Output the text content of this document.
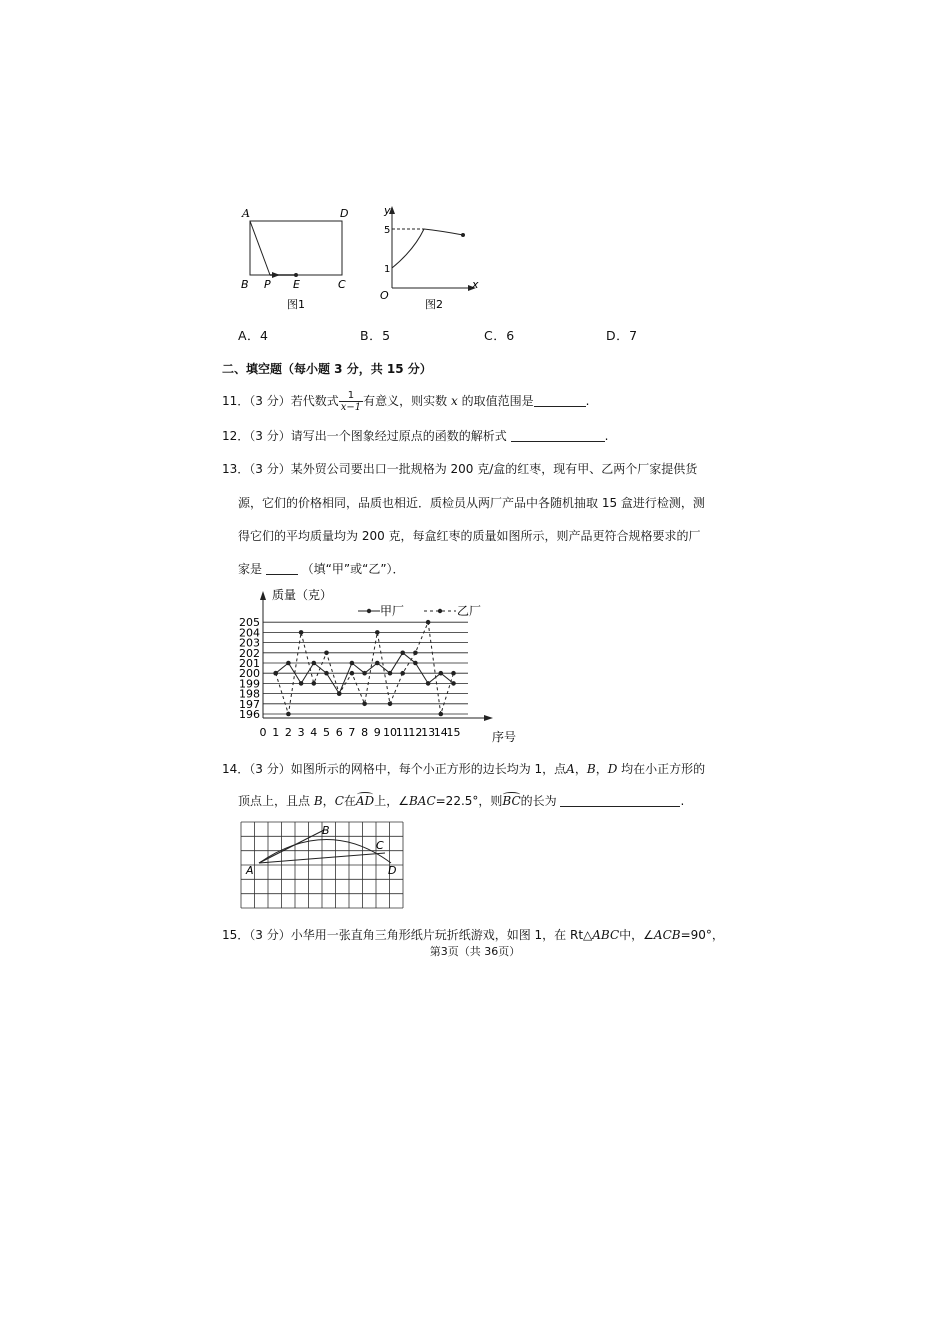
A	D
B P E	C
图1
y
x
O
5
1
图2
A．4	B．5	C．6	D．7
二、填空题（每小题 3 分，共 15 分）
11．（3 分）若代数式 $\frac{1}{x-1}$ 有意义，则实数 x 的取值范围是	.
12．（3 分）请写出一个图象经过原点的函数的解析式	.
13．（3 分）某外贸公司要出口一批规格为 200 克/盒的红枣，现有甲、乙两个厂家提供货
源，它们的价格相同，品质也相近．质检员从两厂产品中各随机抽取 15 盒进行检测，测
得它们的平均质量均为 200 克，每盒红枣的质量如图所示，则产品更符合规格要求的厂
家是	（填“甲”或“乙”）．
质量（克）
序号
甲厂	乙厂
196
197
198
199
200
201
202
203
204
205
0 1 2 3 4 5 6 7 8 9 10
11
12
13
14
15
14．（3 分）如图所示的网格中，每个小正方形的边长均为 1，点A，B，D 均在小正方形的
顶点上，且点 B，C在AD上，∠BAC=22.5°，则BC的长为	.
A
B
C
D
15．（3 分）小华用一张直角三角形纸片玩折纸游戏，如图 1，在 Rt△ABC中，∠ACB=90°，
第3页（共 36页）
